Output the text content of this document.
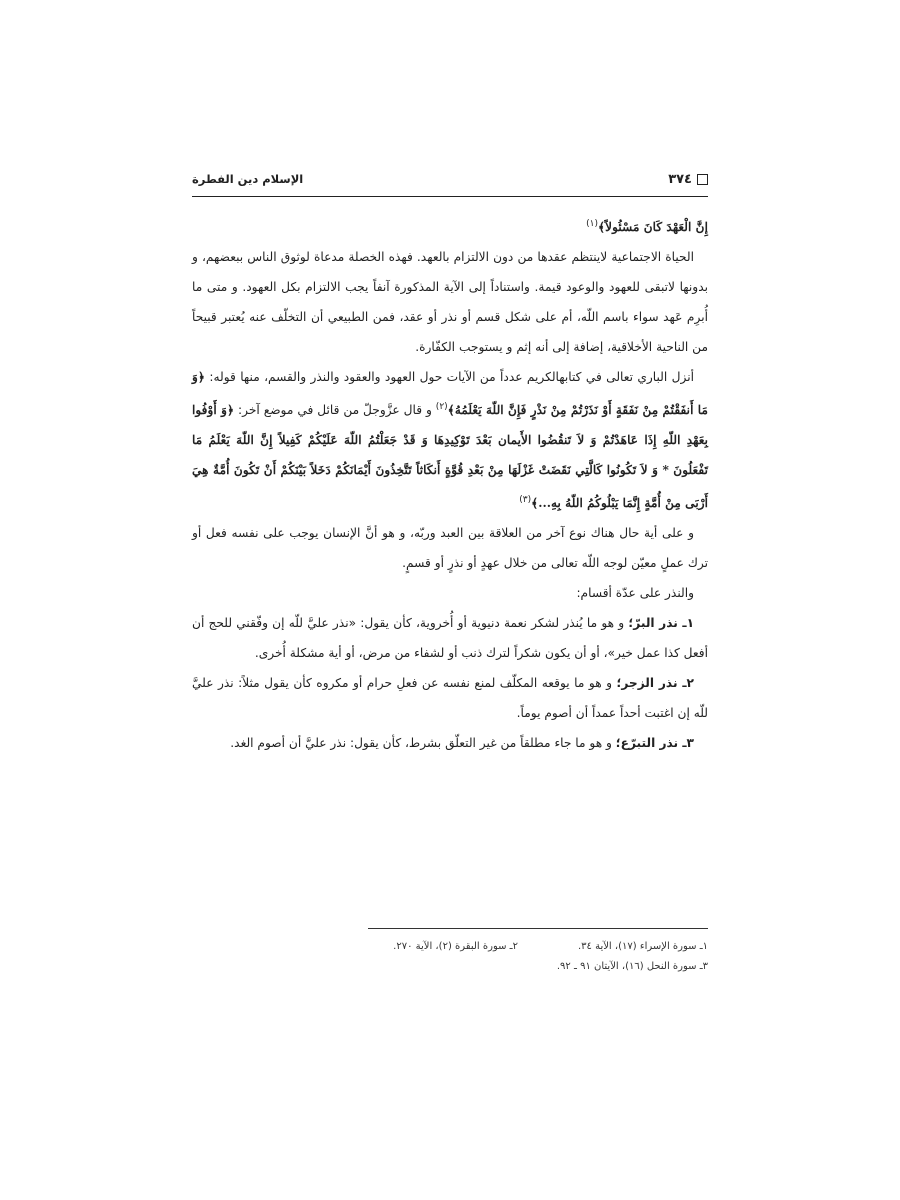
٣٧٤
الإسلام دين الفطرة

إِنَّ الْعَهْدَ كَانَ مَسْئُولاً﴾$^{(١)}$

الحياة الاجتماعية لاينتظم عقدها من دون الالتزام بالعهد. فهذه الخصلة مدعاة لوثوق الناس ببعضهم، و بدونها لاتبقى للعهود والوعود قيمة. واستناداً إلى الآية المذكورة آنفاً يجب الالتزام بكل العهود. و متى ما أُبرِم عَهد سواء باسم اللّه، أم على شكل قسم أو نذر أو عقد، فمن الطبيعي أن التخلّف عنه يُعتبر قبيحاً من الناحية الأخلاقية، إضافة إلى أنه إثم و يستوجب الكفّارة.

أنزل الباري تعالى في كتابهالكريم عدداً من الآيات حول العهود والعقود والنذر والقسم، منها قوله: ﴿وَ مَا أَنفَقْتُمْ مِنْ نَفَقَةٍ أَوْ نَذَرْتُمْ مِنْ نَذْرٍ فَإِنَّ اللّهَ يَعْلَمُهُ﴾$^{(٢)}$ و قال عزَّوجلّ من قائل في موضع آخر: ﴿وَ أَوْفُوا بِعَهْدِ اللّهِ إِذَا عَاهَدْتُمْ وَ لاَ تَنقُضُوا الأَيمان بَعْدَ تَوْكِيدِهَا وَ قَدْ جَعَلْتُمُ اللّهَ عَلَيْكُمْ كَفِيلاً إِنَّ اللّهَ يَعْلَمُ مَا تَفْعَلُونَ * وَ لاَ تَكُونُوا كَالَّتِي نَقَضَتْ غَزْلَهَا مِنْ بَعْدِ قُوَّةٍ أَنكَاثاً تَتَّخِذُونَ أَيْمَانَكُمْ دَخَلاً بَيْنَكُمْ أَنْ تَكُونَ أُمَّةٌ هِيَ أَرْبَى مِنْ أُمَّةٍ إِنَّمَا يَبْلُوكُمُ اللّهُ بِهِ...﴾$^{(٣)}$

و على أية حال هناك نوع آخر من العلاقة بين العبد وربّه، و هو أنَّ الإنسان يوجب على نفسه فعل أو ترك عملٍ معيّن لوجه اللّه تعالى من خلال عهدٍ أو نذرٍ أو قسمٍ.

والنذر على عدّة أقسام:

١ـ نذر البرّ؛ و هو ما يُنذر لشكر نعمة دنيوية أو أُخروية، كأن يقول: «نذر عليَّ للّه إن وفّقني للحج أن أفعل كذا عمل خير»، أو أن يكون شكراً لترك ذنب أو لشفاء من مرض، أو أية مشكلة أُخرى.

٢ـ نذر الزجر؛ و هو ما يوقعه المكلّف لمنع نفسه عن فعلِ حرام أو مكروه كأن يقول مثلاً: نذر عليَّ للّه إن اغتبت أحداً عمداً أن أصوم يوماً.

٣ـ نذر التبرّع؛ و هو ما جاء مطلقاً من غير التعلّق بشرط، كأن يقول: نذر عليَّ أن أصوم الغد.

١ـ سورة الإسراء (١٧)، الآية ٣٤.
٢ـ سورة البقرة (٢)، الآية ٢٧٠.
٣ـ سورة النحل (١٦)، الآيتان ٩١ ـ ٩٢.
